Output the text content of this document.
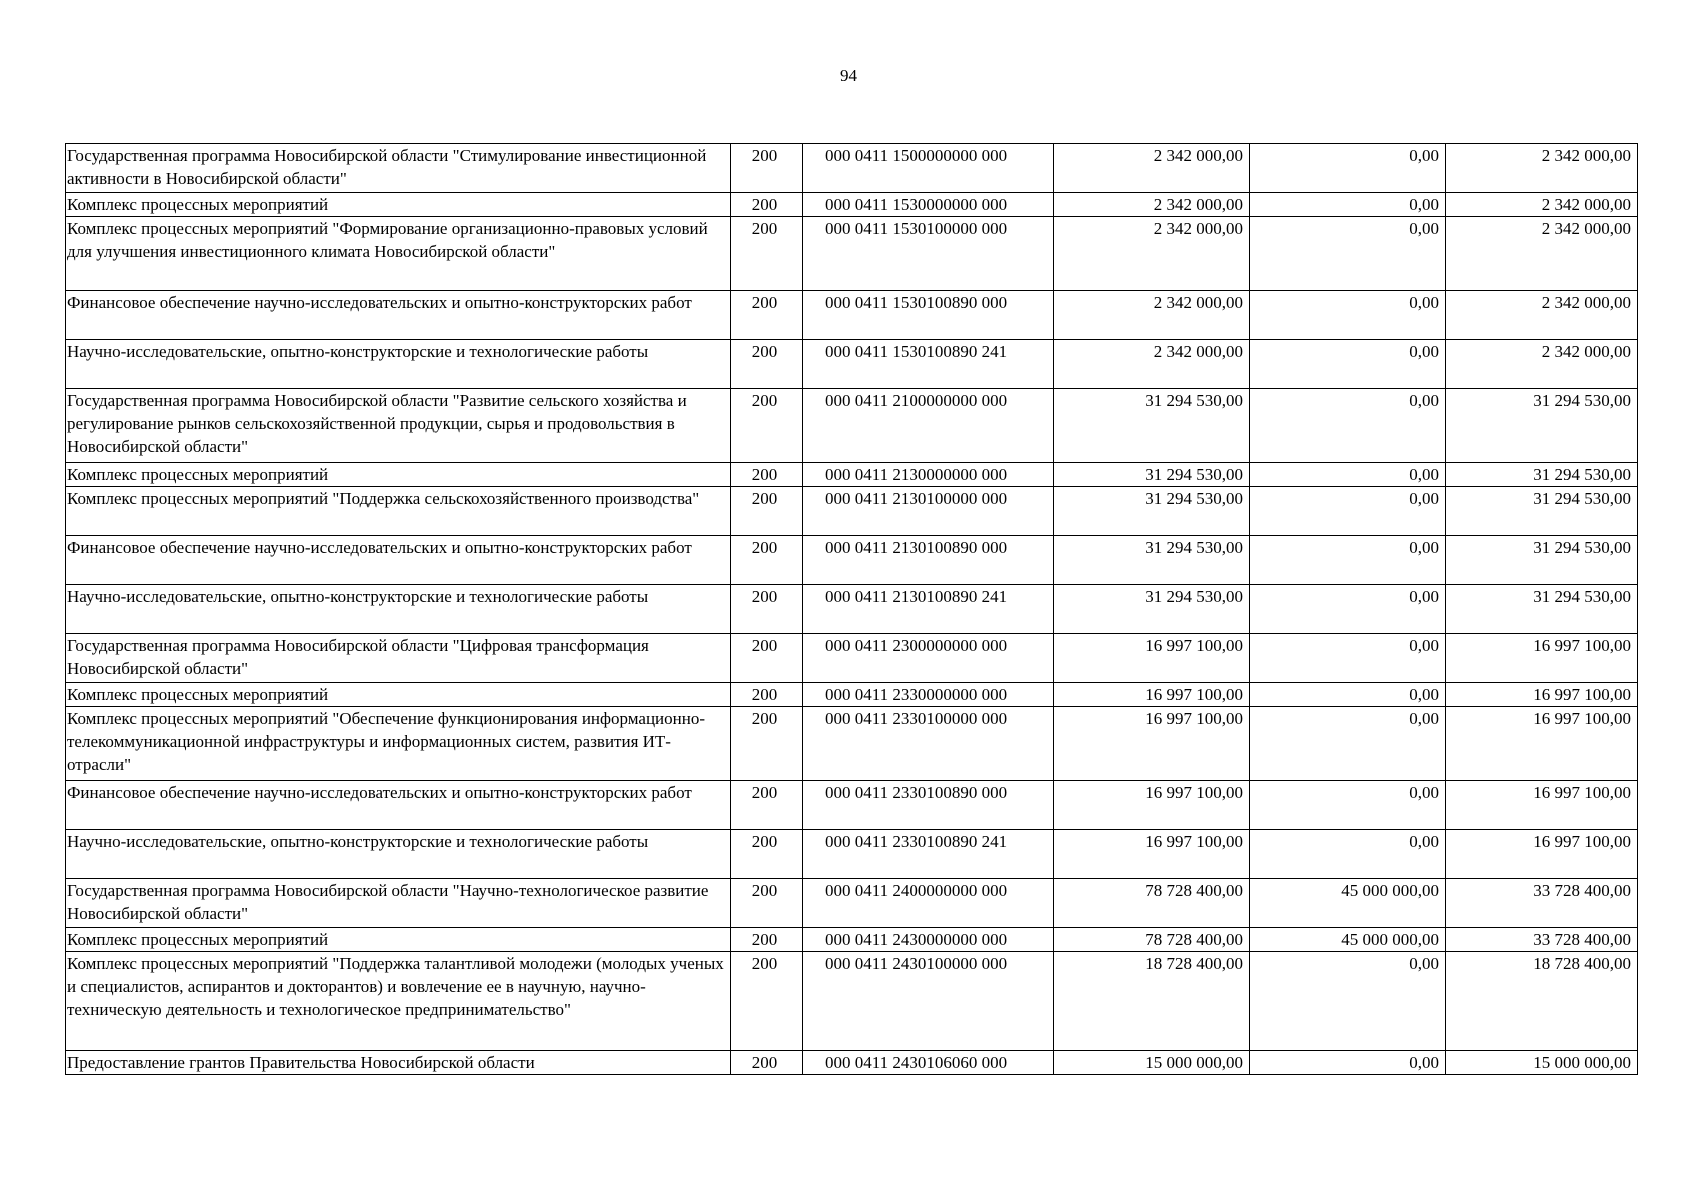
94
Государственная программа Новосибирской области "Стимулирование инвестиционной активности в Новосибирской области"	200	000 0411 1500000000 000	2 342 000,00	0,00	2 342 000,00
Комплекс процессных мероприятий	200	000 0411 1530000000 000	2 342 000,00	0,00	2 342 000,00
Комплекс процессных мероприятий "Формирование организационно-правовых условий для улучшения инвестиционного климата Новосибирской области"	200	000 0411 1530100000 000	2 342 000,00	0,00	2 342 000,00
Финансовое обеспечение научно-исследовательских и опытно-конструкторских работ	200	000 0411 1530100890 000	2 342 000,00	0,00	2 342 000,00
Научно-исследовательские, опытно-конструкторские и технологические работы	200	000 0411 1530100890 241	2 342 000,00	0,00	2 342 000,00
Государственная программа Новосибирской области "Развитие сельского хозяйства и регулирование рынков сельскохозяйственной продукции, сырья и продовольствия в Новосибирской области"	200	000 0411 2100000000 000	31 294 530,00	0,00	31 294 530,00
Комплекс процессных мероприятий	200	000 0411 2130000000 000	31 294 530,00	0,00	31 294 530,00
Комплекс процессных мероприятий "Поддержка сельскохозяйственного производства"	200	000 0411 2130100000 000	31 294 530,00	0,00	31 294 530,00
Финансовое обеспечение научно-исследовательских и опытно-конструкторских работ	200	000 0411 2130100890 000	31 294 530,00	0,00	31 294 530,00
Научно-исследовательские, опытно-конструкторские и технологические работы	200	000 0411 2130100890 241	31 294 530,00	0,00	31 294 530,00
Государственная программа Новосибирской области "Цифровая трансформация Новосибирской области"	200	000 0411 2300000000 000	16 997 100,00	0,00	16 997 100,00
Комплекс процессных мероприятий	200	000 0411 2330000000 000	16 997 100,00	0,00	16 997 100,00
Комплекс процессных мероприятий "Обеспечение функционирования информационно-телекоммуникационной инфраструктуры и информационных систем, развития ИТ-отрасли"	200	000 0411 2330100000 000	16 997 100,00	0,00	16 997 100,00
Финансовое обеспечение научно-исследовательских и опытно-конструкторских работ	200	000 0411 2330100890 000	16 997 100,00	0,00	16 997 100,00
Научно-исследовательские, опытно-конструкторские и технологические работы	200	000 0411 2330100890 241	16 997 100,00	0,00	16 997 100,00
Государственная программа Новосибирской области "Научно-технологическое развитие Новосибирской области"	200	000 0411 2400000000 000	78 728 400,00	45 000 000,00	33 728 400,00
Комплекс процессных мероприятий	200	000 0411 2430000000 000	78 728 400,00	45 000 000,00	33 728 400,00
Комплекс процессных мероприятий "Поддержка талантливой молодежи (молодых ученых и специалистов, аспирантов и докторантов) и вовлечение ее в научную, научно-техническую деятельность и технологическое предпринимательство"	200	000 0411 2430100000 000	18 728 400,00	0,00	18 728 400,00
Предоставление грантов Правительства Новосибирской области	200	000 0411 2430106060 000	15 000 000,00	0,00	15 000 000,00
